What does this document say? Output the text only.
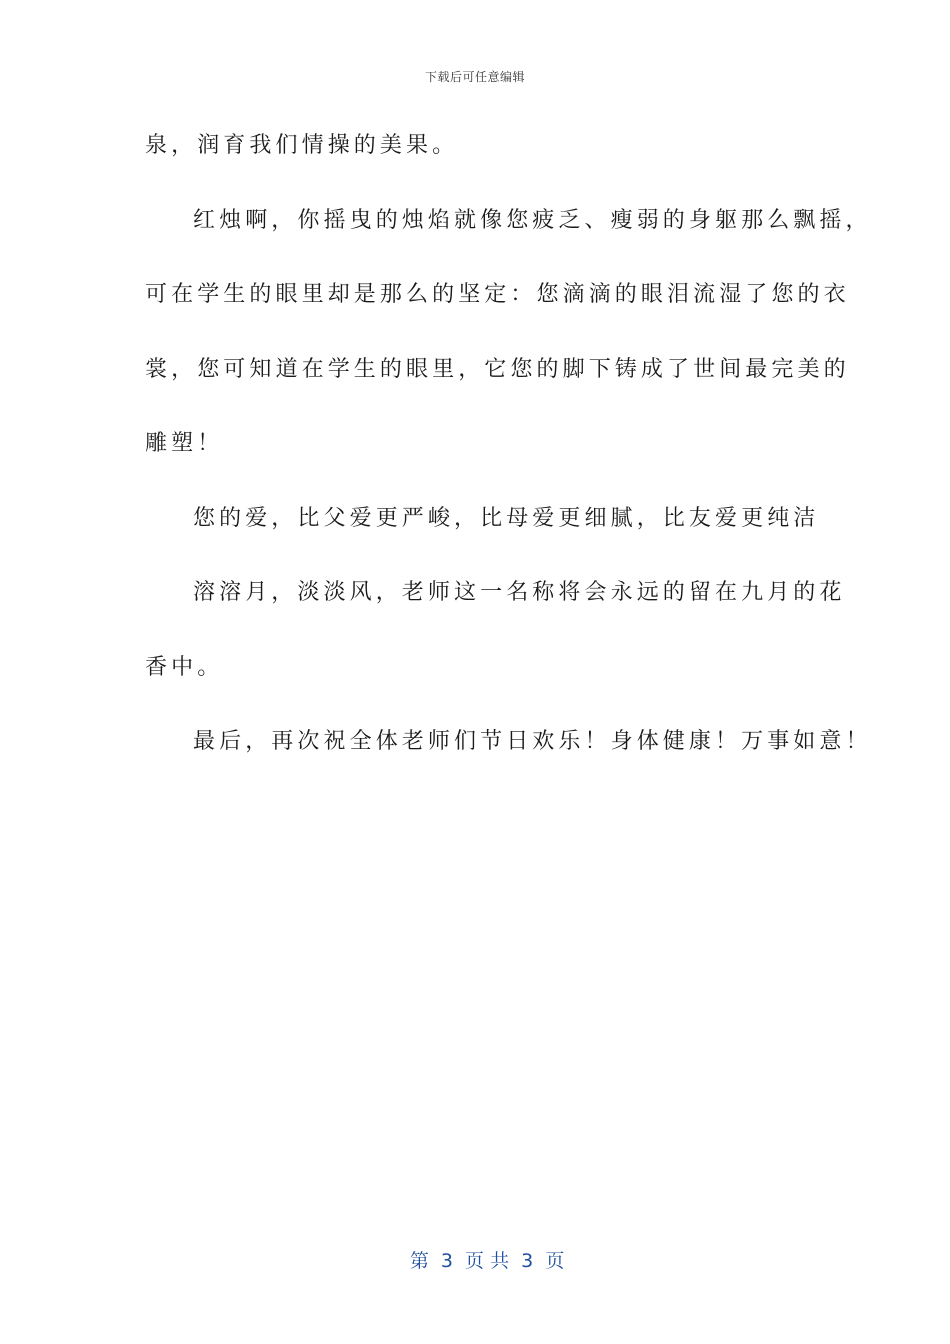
下载后可任意编辑
泉，润育我们情操的美果。
红烛啊，你摇曳的烛焰就像您疲乏、瘦弱的身躯那么飘摇，
可在学生的眼里却是那么的坚定：您滴滴的眼泪流湿了您的衣
裳，您可知道在学生的眼里，它您的脚下铸成了世间最完美的
雕塑！
您的爱，比父爱更严峻，比母爱更细腻，比友爱更纯洁
溶溶月，淡淡风，老师这一名称将会永远的留在九月的花
香中。
最后，再次祝全体老师们节日欢乐！身体健康！万事如意！

第  3  页 共  3  页
